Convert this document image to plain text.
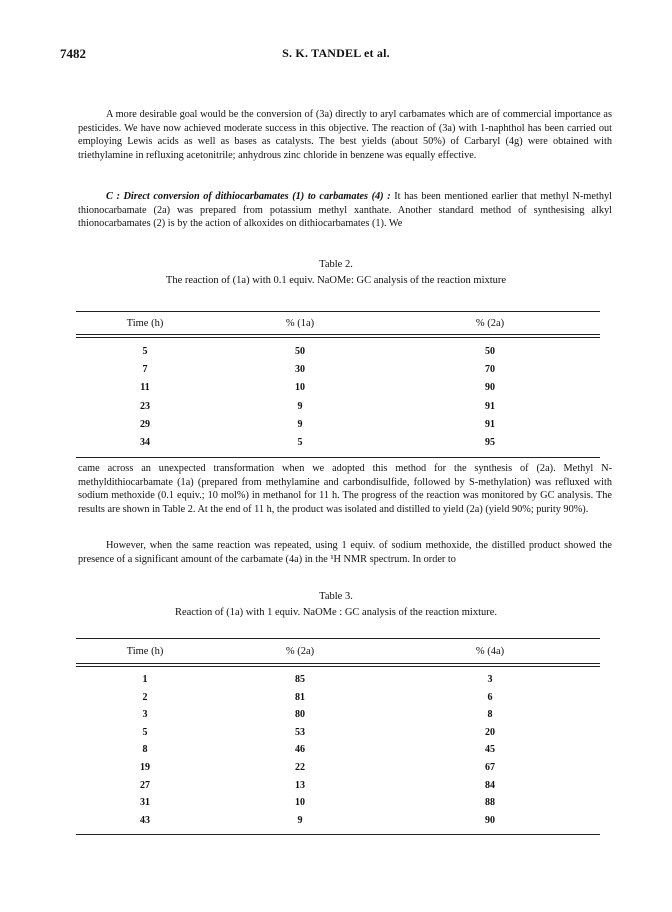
7482	S. K. TANDEL et al.

A more desirable goal would be the conversion of (3a) directly to aryl carbamates which are of commercial importance as pesticides. We have now achieved moderate success in this objective. The reaction of (3a) with 1-naphthol has been carried out employing Lewis acids as well as bases as catalysts. The best yields (about 50%) of Carbaryl (4g) were obtained with triethylamine in refluxing acetonitrile; anhydrous zinc chloride in benzene was equally effective.

C : Direct conversion of dithiocarbamates (1) to carbamates (4) : It has been mentioned earlier that methyl N-methyl thionocarbamate (2a) was prepared from potassium methyl xanthate. Another standard method of synthesising alkyl thionocarbamates (2) is by the action of alkoxides on dithiocarbamates (1). We

Table 2.
The reaction of (1a) with 0.1 equiv. NaOMe: GC analysis of the reaction mixture
Time (h)	% (1a)	% (2a)
5	50	50
7	30	70
11	10	90
23	9	91
29	9	91
34	5	95

came across an unexpected transformation when we adopted this method for the synthesis of (2a). Methyl N-methyldithiocarbamate (1a) (prepared from methylamine and carbondisulfide, followed by S-methylation) was refluxed with sodium methoxide (0.1 equiv.; 10 mol%) in methanol for 11 h. The progress of the reaction was monitored by GC analysis. The results are shown in Table 2. At the end of 11 h, the product was isolated and distilled to yield (2a) (yield 90%; purity 90%).

However, when the same reaction was repeated, using 1 equiv. of sodium methoxide, the distilled product showed the presence of a significant amount of the carbamate (4a) in the ¹H NMR spectrum. In order to

Table 3.
Reaction of (1a) with 1 equiv. NaOMe : GC analysis of the reaction mixture.
Time (h)	% (2a)	% (4a)
1	85	3
2	81	6
3	80	8
5	53	20
8	46	45
19	22	67
27	13	84
31	10	88
43	9	90
